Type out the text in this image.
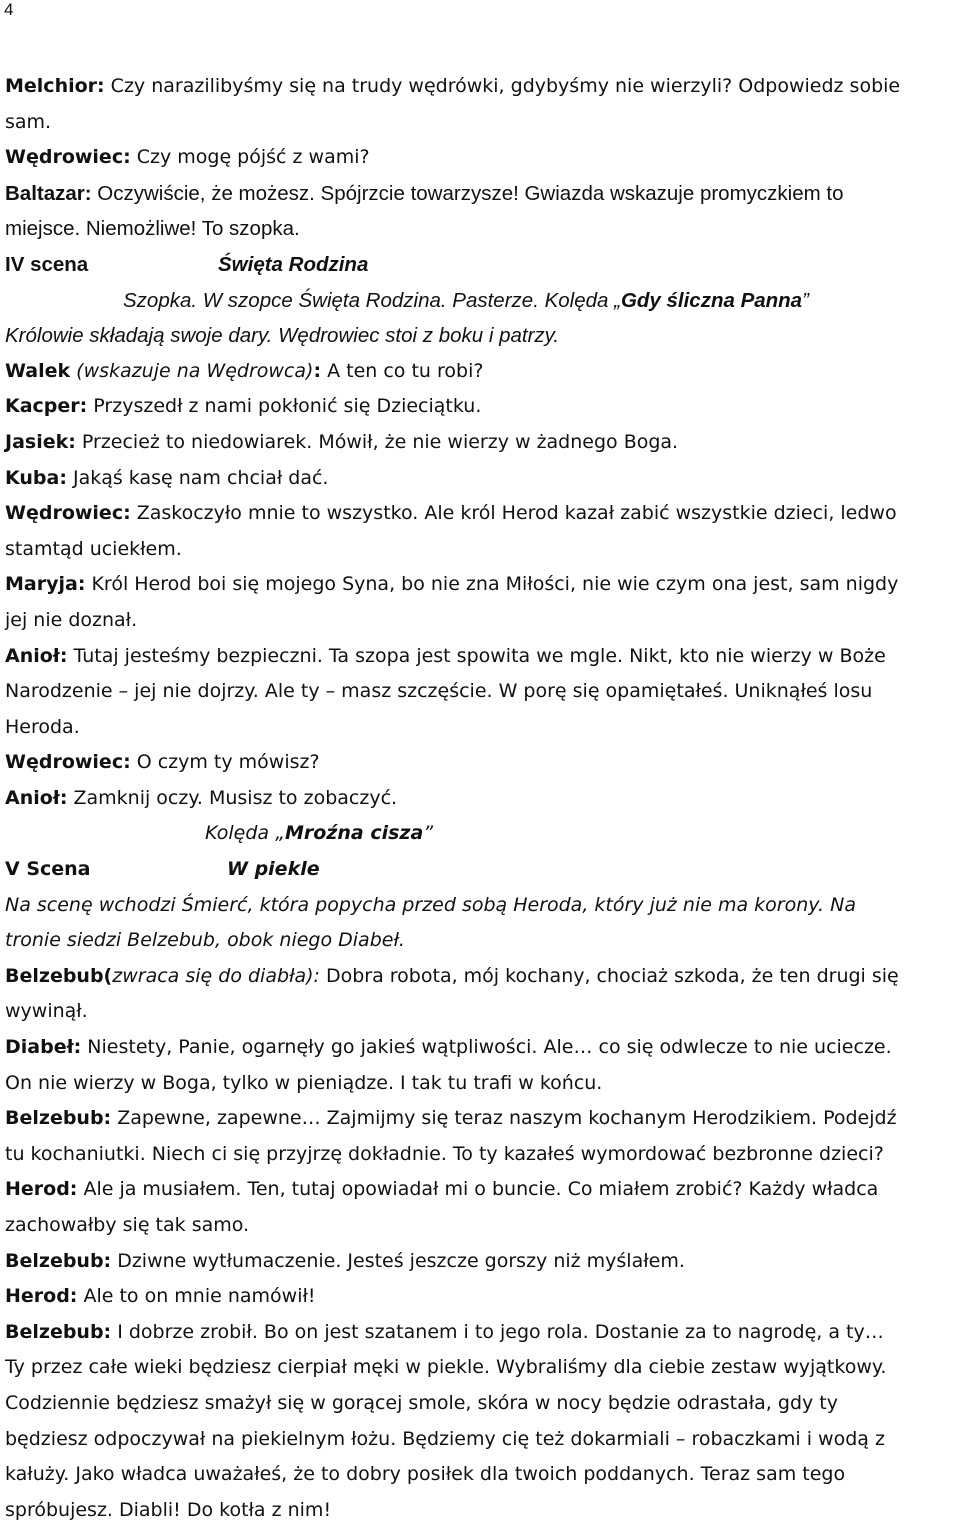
4

Melchior: Czy narazilibyśmy się na trudy wędrówki, gdybyśmy nie wierzyli? Odpowiedz sobie

sam.

Wędrowiec: Czy mogę pójść z wami?

Baltazar: Oczywiście, że możesz. Spójrzcie towarzysze! Gwiazda wskazuje promyczkiem to

miejsce. Niemożliwe! To szopka.

IV scena	Święta Rodzina

Szopka. W szopce Święta Rodzina. Pasterze. Kolęda „Gdy śliczna Panna”

Królowie składają swoje dary. Wędrowiec stoi z boku i patrzy.

Walek (wskazuje na Wędrowca): A ten co tu robi?

Kacper: Przyszedł z nami pokłonić się Dzieciątku.

Jasiek: Przecież to niedowiarek. Mówił, że nie wierzy w żadnego Boga.

Kuba: Jakąś kasę nam chciał dać.

Wędrowiec: Zaskoczyło mnie to wszystko. Ale król Herod kazał zabić wszystkie dzieci, ledwo

stamtąd uciekłem.

Maryja: Król Herod boi się mojego Syna, bo nie zna Miłości, nie wie czym ona jest, sam nigdy

jej nie doznał.

Anioł: Tutaj jesteśmy bezpieczni. Ta szopa jest spowita we mgle. Nikt, kto nie wierzy w Boże

Narodzenie – jej nie dojrzy. Ale ty – masz szczęście. W porę się opamiętałeś. Uniknąłeś losu

Heroda.

Wędrowiec: O czym ty mówisz?

Anioł: Zamknij oczy. Musisz to zobaczyć.

Kolęda „Mroźna cisza”

V Scena	W piekle

Na scenę wchodzi Śmierć, która popycha przed sobą Heroda, który już nie ma korony. Na

tronie siedzi Belzebub, obok niego Diabeł.

Belzebub(zwraca się do diabła): Dobra robota, mój kochany, chociaż szkoda, że ten drugi się

wywinął.

Diabeł: Niestety, Panie, ogarnęły go jakieś wątpliwości. Ale… co się odwlecze to nie uciecze.

On nie wierzy w Boga, tylko w pieniądze. I tak tu trafi w końcu.

Belzebub: Zapewne, zapewne… Zajmijmy się teraz naszym kochanym Herodzikiem. Podejdź

tu kochaniutki. Niech ci się przyjrzę dokładnie. To ty kazałeś wymordować bezbronne dzieci?

Herod: Ale ja musiałem. Ten, tutaj opowiadał mi o buncie. Co miałem zrobić? Każdy władca

zachowałby się tak samo.

Belzebub: Dziwne wytłumaczenie. Jesteś jeszcze gorszy niż myślałem.

Herod: Ale to on mnie namówił!

Belzebub: I dobrze zrobił. Bo on jest szatanem i to jego rola. Dostanie za to nagrodę, a ty…

Ty przez całe wieki będziesz cierpiał męki w piekle. Wybraliśmy dla ciebie zestaw wyjątkowy.

Codziennie będziesz smażył się w gorącej smole, skóra w nocy będzie odrastała, gdy ty

będziesz odpoczywał na piekielnym łożu. Będziemy cię też dokarmiali – robaczkami i wodą z

kałuży. Jako władca uważałeś, że to dobry posiłek dla twoich poddanych. Teraz sam tego

spróbujesz. Diabli! Do kotła z nim!
